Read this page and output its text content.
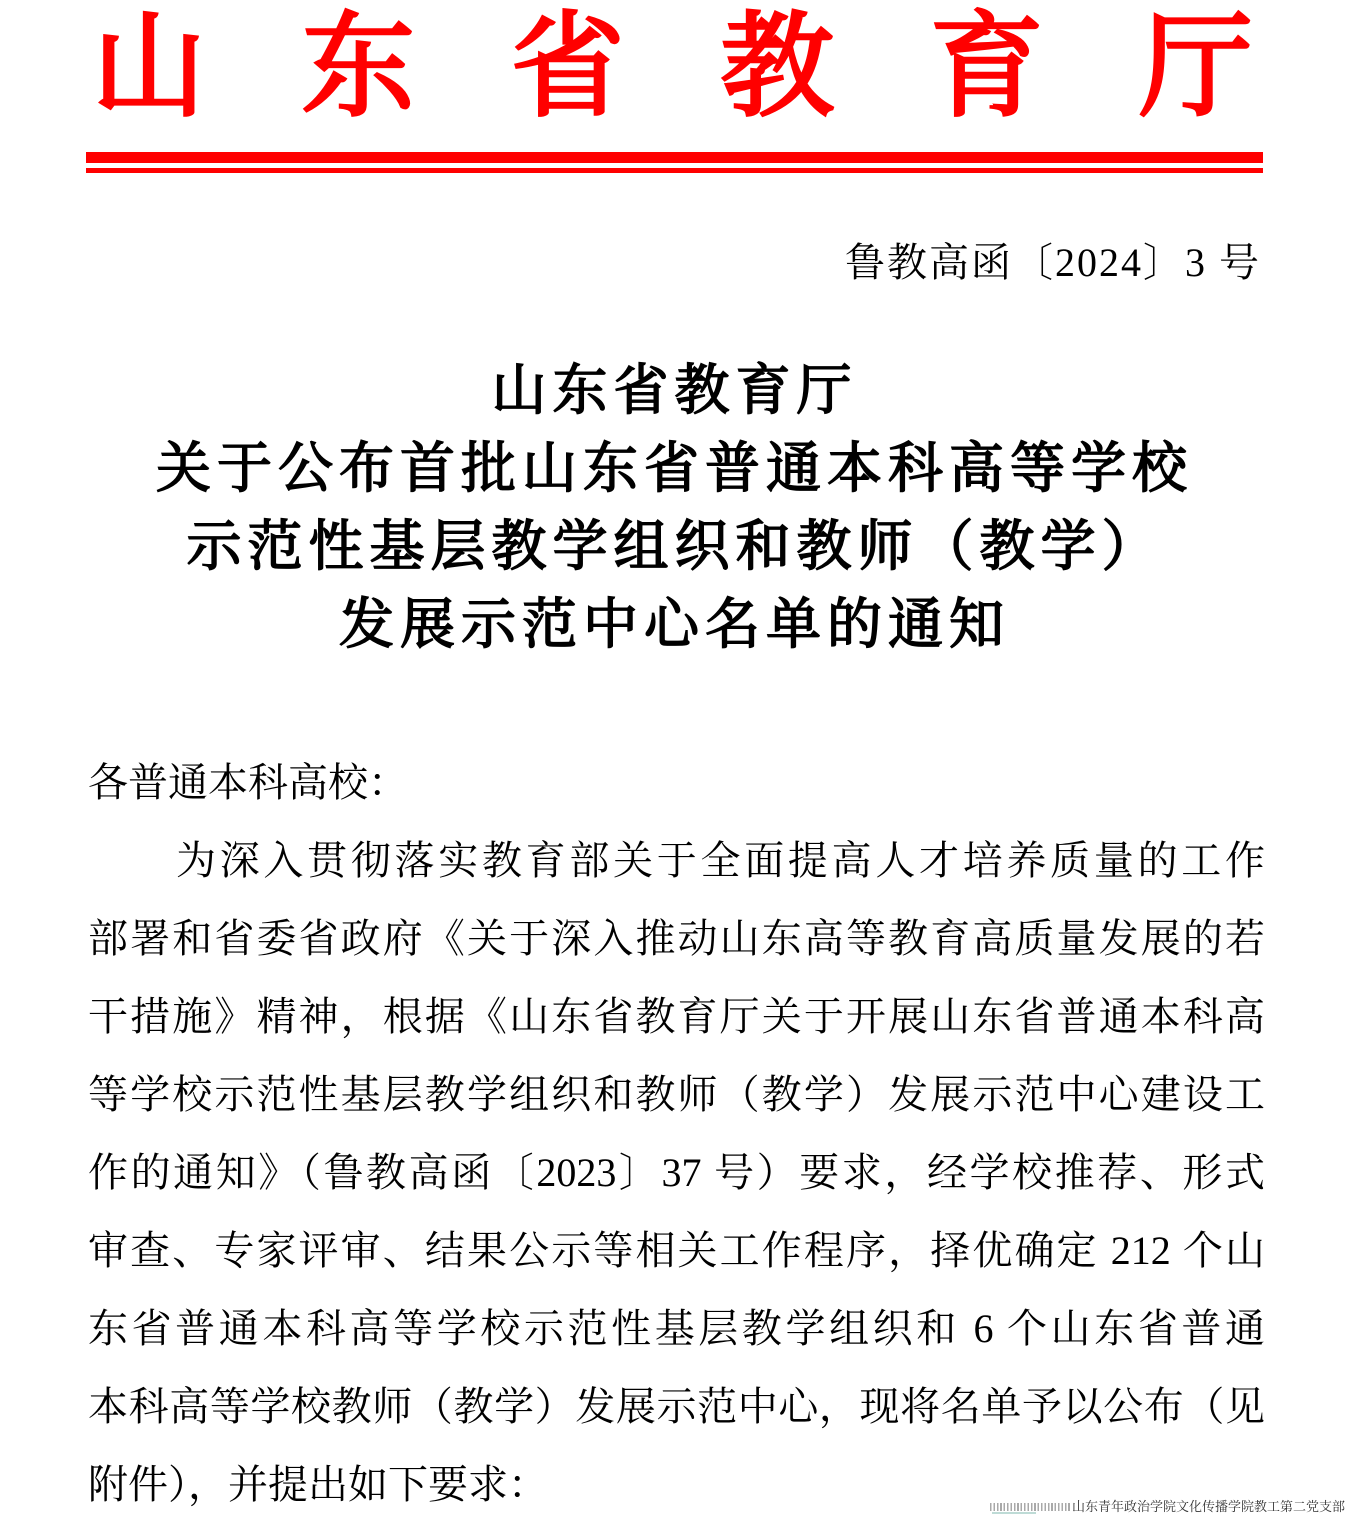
山东省教育厅
鲁教高函〔2024〕3 号
山东省教育厅
关于公布首批山东省普通本科高等学校
示范性基层教学组织和教师（教学）
发展示范中心名单的通知
各普通本科高校：
为深入贯彻落实教育部关于全面提高人才培养质量的工作
部署和省委省政府《关于深入推动山东高等教育高质量发展的若
干措施》精神，根据《山东省教育厅关于开展山东省普通本科高
等学校示范性基层教学组织和教师（教学）发展示范中心建设工
作的通知》（鲁教高函〔2023〕37 号）要求，经学校推荐、形式
审查、专家评审、结果公示等相关工作程序，择优确定 212 个山
东省普通本科高等学校示范性基层教学组织和 6 个山东省普通
本科高等学校教师（教学）发展示范中心，现将名单予以公布（见
附件），并提出如下要求：	山东青年政治学院文化传播学院教工第二党支部
